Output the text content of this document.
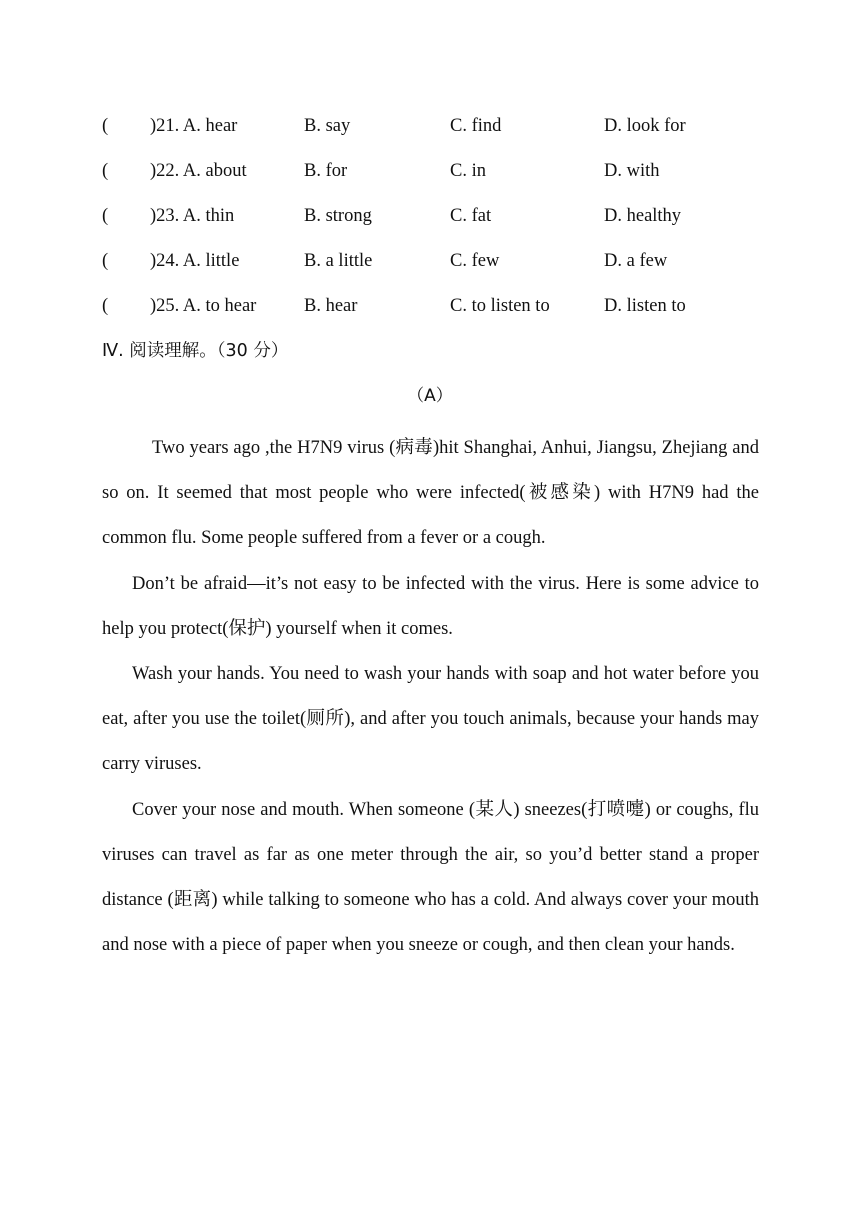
( )21. A. hear	B. say	C. find	D. look for
( )22. A. about	B. for	C. in	D. with
( )23. A. thin	B. strong	C. fat	D. healthy
( )24. A. little	B. a little	C. few	D. a few
( )25. A. to hear	B. hear	C. to listen to	D. listen to
Ⅳ. 阅读理解。（30 分）
（A）

Two years ago ,the H7N9 virus (病毒)hit Shanghai, Anhui, Jiangsu, Zhejiang and so on. It seemed that most people who were infected(被感染) with H7N9 had the common flu. Some people suffered from a fever or a cough.

Don’t be afraid—it’s not easy to be infected with the virus. Here is some advice to help you protect(保护) yourself when it comes.

Wash your hands. You need to wash your hands with soap and hot water before you eat, after you use the toilet(厕所), and after you touch animals, because your hands may carry viruses.

Cover your nose and mouth. When someone (某人) sneezes(打喷嚏) or coughs, flu viruses can travel as far as one meter through the air, so you’d better stand a proper distance (距离) while talking to someone who has a cold. And always cover your mouth and nose with a piece of paper when you sneeze or cough, and then clean your hands.
